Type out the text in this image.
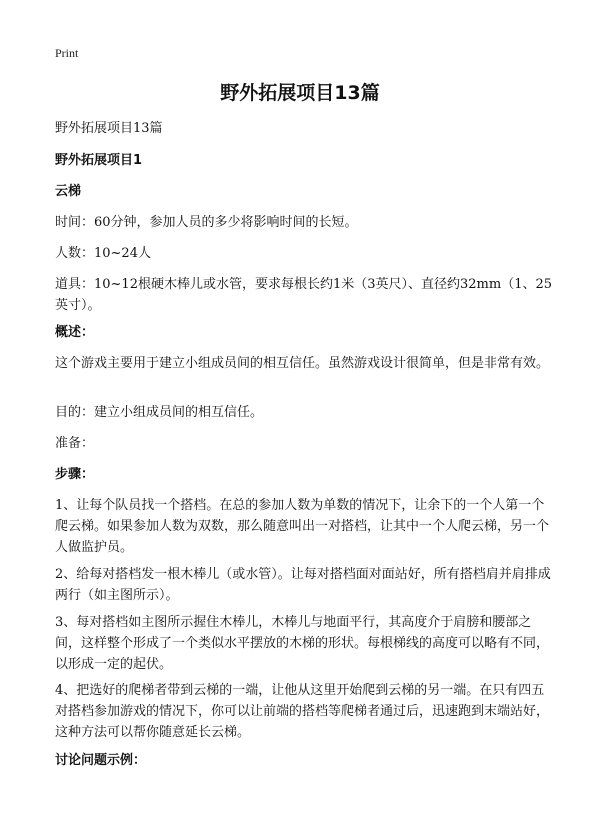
Print
野外拓展项目13篇

野外拓展项目13篇

野外拓展项目1

云梯

时间：60分钟，参加人员的多少将影响时间的长短。

人数：10~24人

道具：10~12根硬木棒儿或水管，要求每根长约1米（3英尺）、直径约32mm（1、25英寸）。

概述：

这个游戏主要用于建立小组成员间的相互信任。虽然游戏设计很简单，但是非常有效。

目的：建立小组成员间的相互信任。

准备：

步骤：

1、让每个队员找一个搭档。在总的参加人数为单数的情况下，让余下的一个人第一个爬云梯。如果参加人数为双数，那么随意叫出一对搭档，让其中一个人爬云梯，另一个人做监护员。

2、给每对搭档发一根木棒儿（或水管）。让每对搭档面对面站好，所有搭档肩并肩排成两行（如主图所示）。

3、每对搭档如主图所示握住木棒儿，木棒儿与地面平行，其高度介于肩膀和腰部之间，这样整个形成了一个类似水平摆放的木梯的形状。每根梯线的高度可以略有不同，以形成一定的起伏。

4、把选好的爬梯者带到云梯的一端，让他从这里开始爬到云梯的另一端。在只有四五对搭档参加游戏的情况下，你可以让前端的搭档等爬梯者通过后，迅速跑到末端站好，这种方法可以帮你随意延长云梯。

讨论问题示例：
